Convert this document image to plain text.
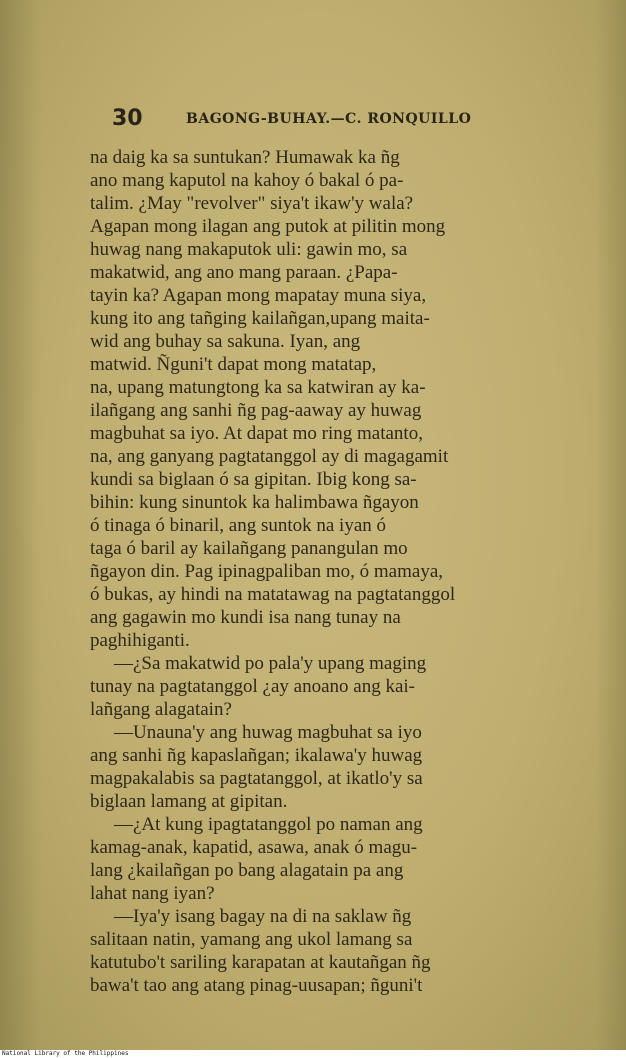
30	BAGONG-BUHAY.—C. RONQUILLO
na daig ka sa suntukan? Humawak ka ñg
ano mang kaputol na kahoy ó bakal ó pa-
talim. ¿May "revolver" siya't ikaw'y wala?
Agapan mong ilagan ang putok at pilitin mong
huwag nang makaputok uli: gawin mo, sa
makatwid, ang ano mang paraan. ¿Papa-
tayin ka? Agapan mong mapatay muna siya,
kung ito ang tañging kailañgan,upang maita-
wid ang buhay sa sakuna. Iyan, ang
matwid. Ñguni't dapat mong matatap,
na, upang matungtong ka sa katwiran ay ka-
ilañgang ang sanhi ñg pag-aaway ay huwag
magbuhat sa iyo. At dapat mo ring matanto,
na, ang ganyang pagtatanggol ay di magagamit
kundi sa biglaan ó sa gipitan. Ibig kong sa-
bihin: kung sinuntok ka halimbawa ñgayon
ó tinaga ó binaril, ang suntok na iyan ó
taga ó baril ay kailañgang panangulan mo
ñgayon din. Pag ipinagpaliban mo, ó mamaya,
ó bukas, ay hindi na matatawag na pagtatanggol
ang gagawin mo kundi isa nang tunay na
paghihiganti.
—¿Sa makatwid po pala'y upang maging
tunay na pagtatanggol ¿ay anoano ang kai-
lañgang alagatain?
—Unauna'y ang huwag magbuhat sa iyo
ang sanhi ñg kapaslañgan; ikalawa'y huwag
magpakalabis sa pagtatanggol, at ikatlo'y sa
biglaan lamang at gipitan.
—¿At kung ipagtatanggol po naman ang
kamag-anak, kapatid, asawa, anak ó magu-
lang ¿kailañgan po bang alagatain pa ang
lahat nang iyan?
—Iya'y isang bagay na di na saklaw ñg
salitaan natin, yamang ang ukol lamang sa
katutubo't sariling karapatan at kautañgan ñg
bawa't tao ang atang pinag-uusapan; ñguni't
National Library of the Philippines
